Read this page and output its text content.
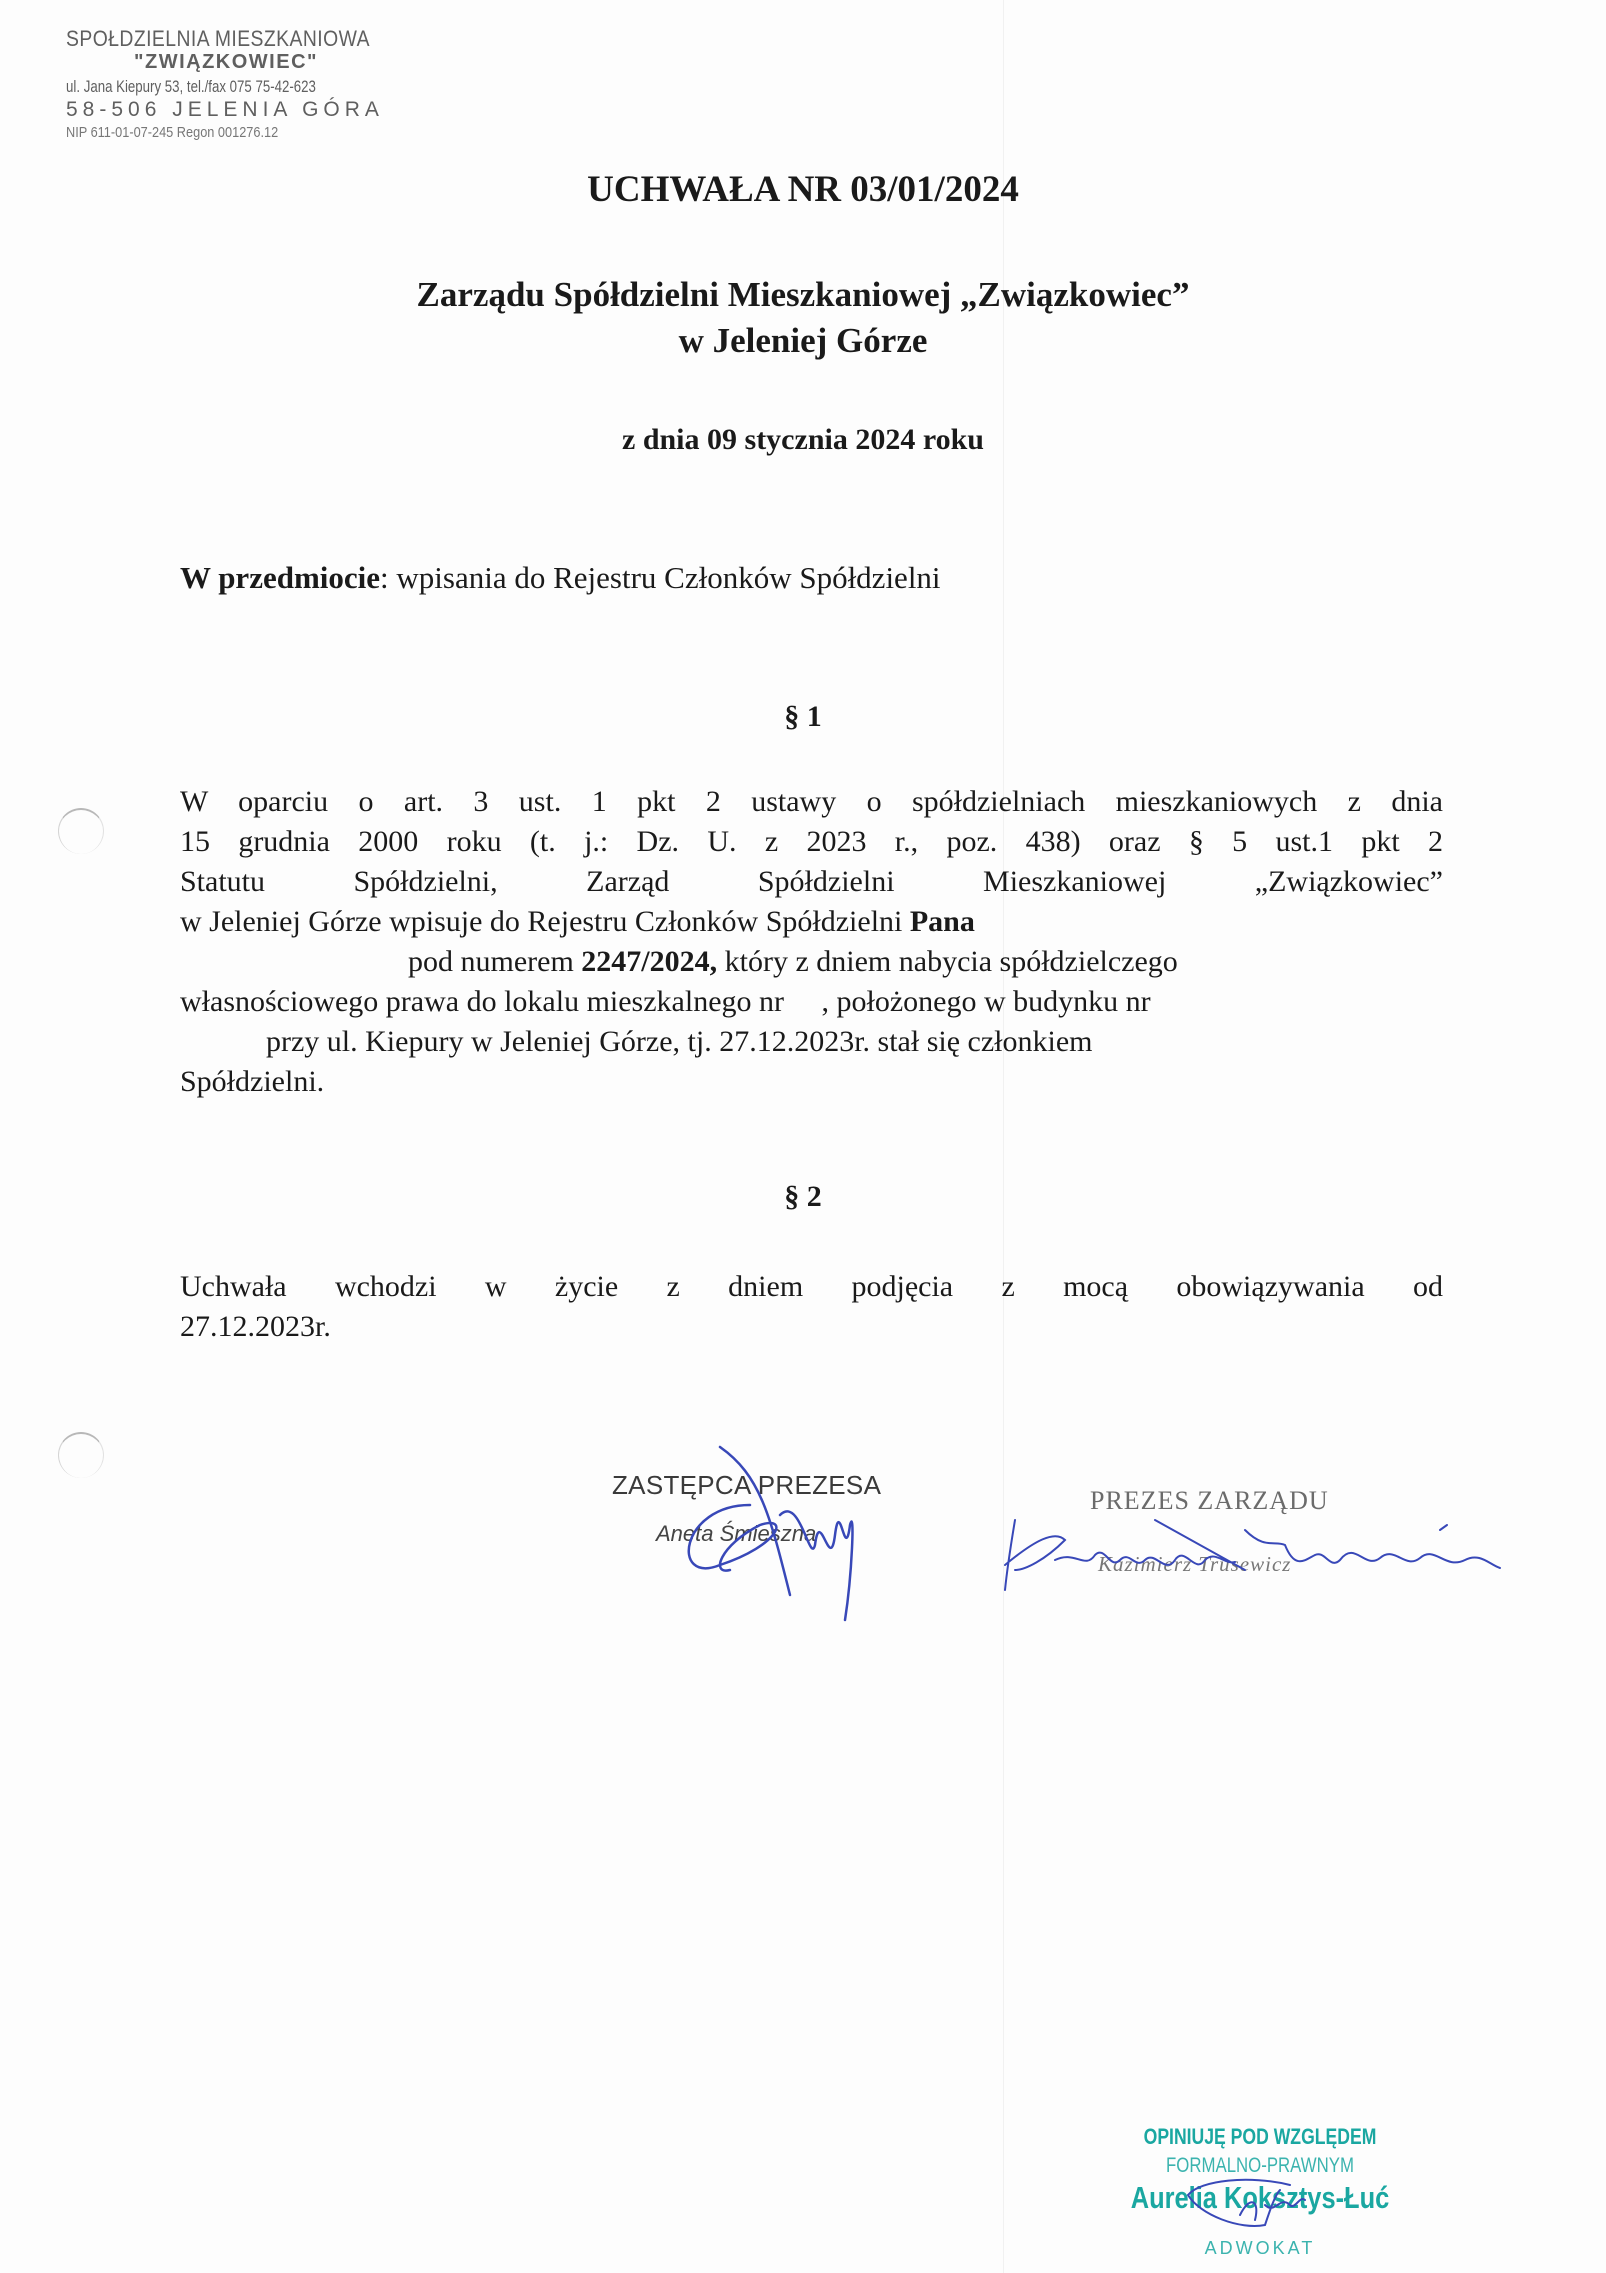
SPOŁDZIELNIA MIESZKANIOWA
"ZWIĄZKOWIEC"
ul. Jana Kiepury 53, tel./fax 075 75-42-623
58-506 JELENIA GÓRA
NIP 611-01-07-245 Regon 001276.12
UCHWAŁA NR 03/01/2024
Zarządu Spółdzielni Mieszkaniowej „Związkowiec”
w Jeleniej Górze
z dnia 09 stycznia 2024 roku
W przedmiocie: wpisania do Rejestru Członków Spółdzielni
§ 1
W oparciu o art. 3 ust. 1 pkt 2 ustawy o spółdzielniach mieszkaniowych z dnia
15 grudnia 2000 roku (t. j.: Dz. U. z 2023 r., poz. 438) oraz § 5 ust.1 pkt 2
Statutu Spółdzielni, Zarząd Spółdzielni Mieszkaniowej „Związkowiec”
w Jeleniej Górze wpisuje do Rejestru Członków Spółdzielni Pana
pod numerem 2247/2024, który z dniem nabycia spółdzielczego
własnościowego prawa do lokalu mieszkalnego nr     , położonego w budynku nr
przy ul. Kiepury w Jeleniej Górze, tj. 27.12.2023r. stał się członkiem
Spółdzielni.
§ 2
Uchwała wchodzi w życie z dniem podjęcia z mocą obowiązywania od
27.12.2023r.
ZASTĘPCA PREZESA
Aneta Śmieszna
PREZES ZARZĄDU
Kazimierz Trusewicz
OPINIUJĘ POD WZGLĘDEM
FORMALNO-PRAWNYM
Aurelia Koksztys-Łuć
ADWOKAT
